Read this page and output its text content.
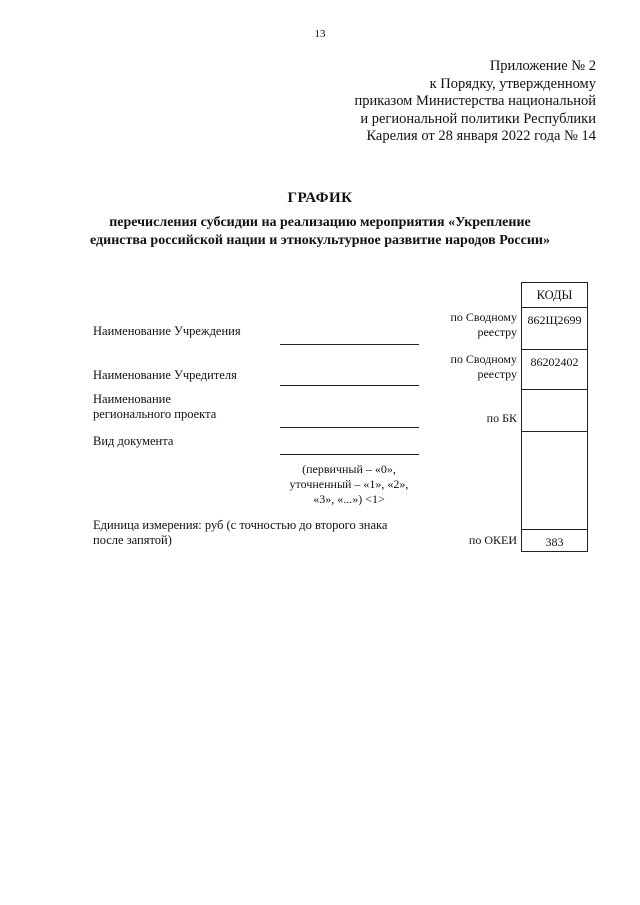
13
Приложение № 2
к Порядку, утвержденному
приказом Министерства национальной
и региональной политики Республики
Карелия от 28 января 2022 года № 14
ГРАФИК
перечисления субсидии на реализацию мероприятия «Укрепление
единства российской нации и этнокультурное развитие народов России»
Наименование Учреждения
Наименование Учредителя
Наименование
регионального проекта
Вид документа
(первичный – «0»,
уточненный – «1», «2»,
«3», «...») <1>
Единица измерения: руб (с точностью до второго знака
после запятой)
по Сводному
реестру
по Сводному
реестру
по БК
по ОКЕИ
КОДЫ
862Щ2699
86202402
383
